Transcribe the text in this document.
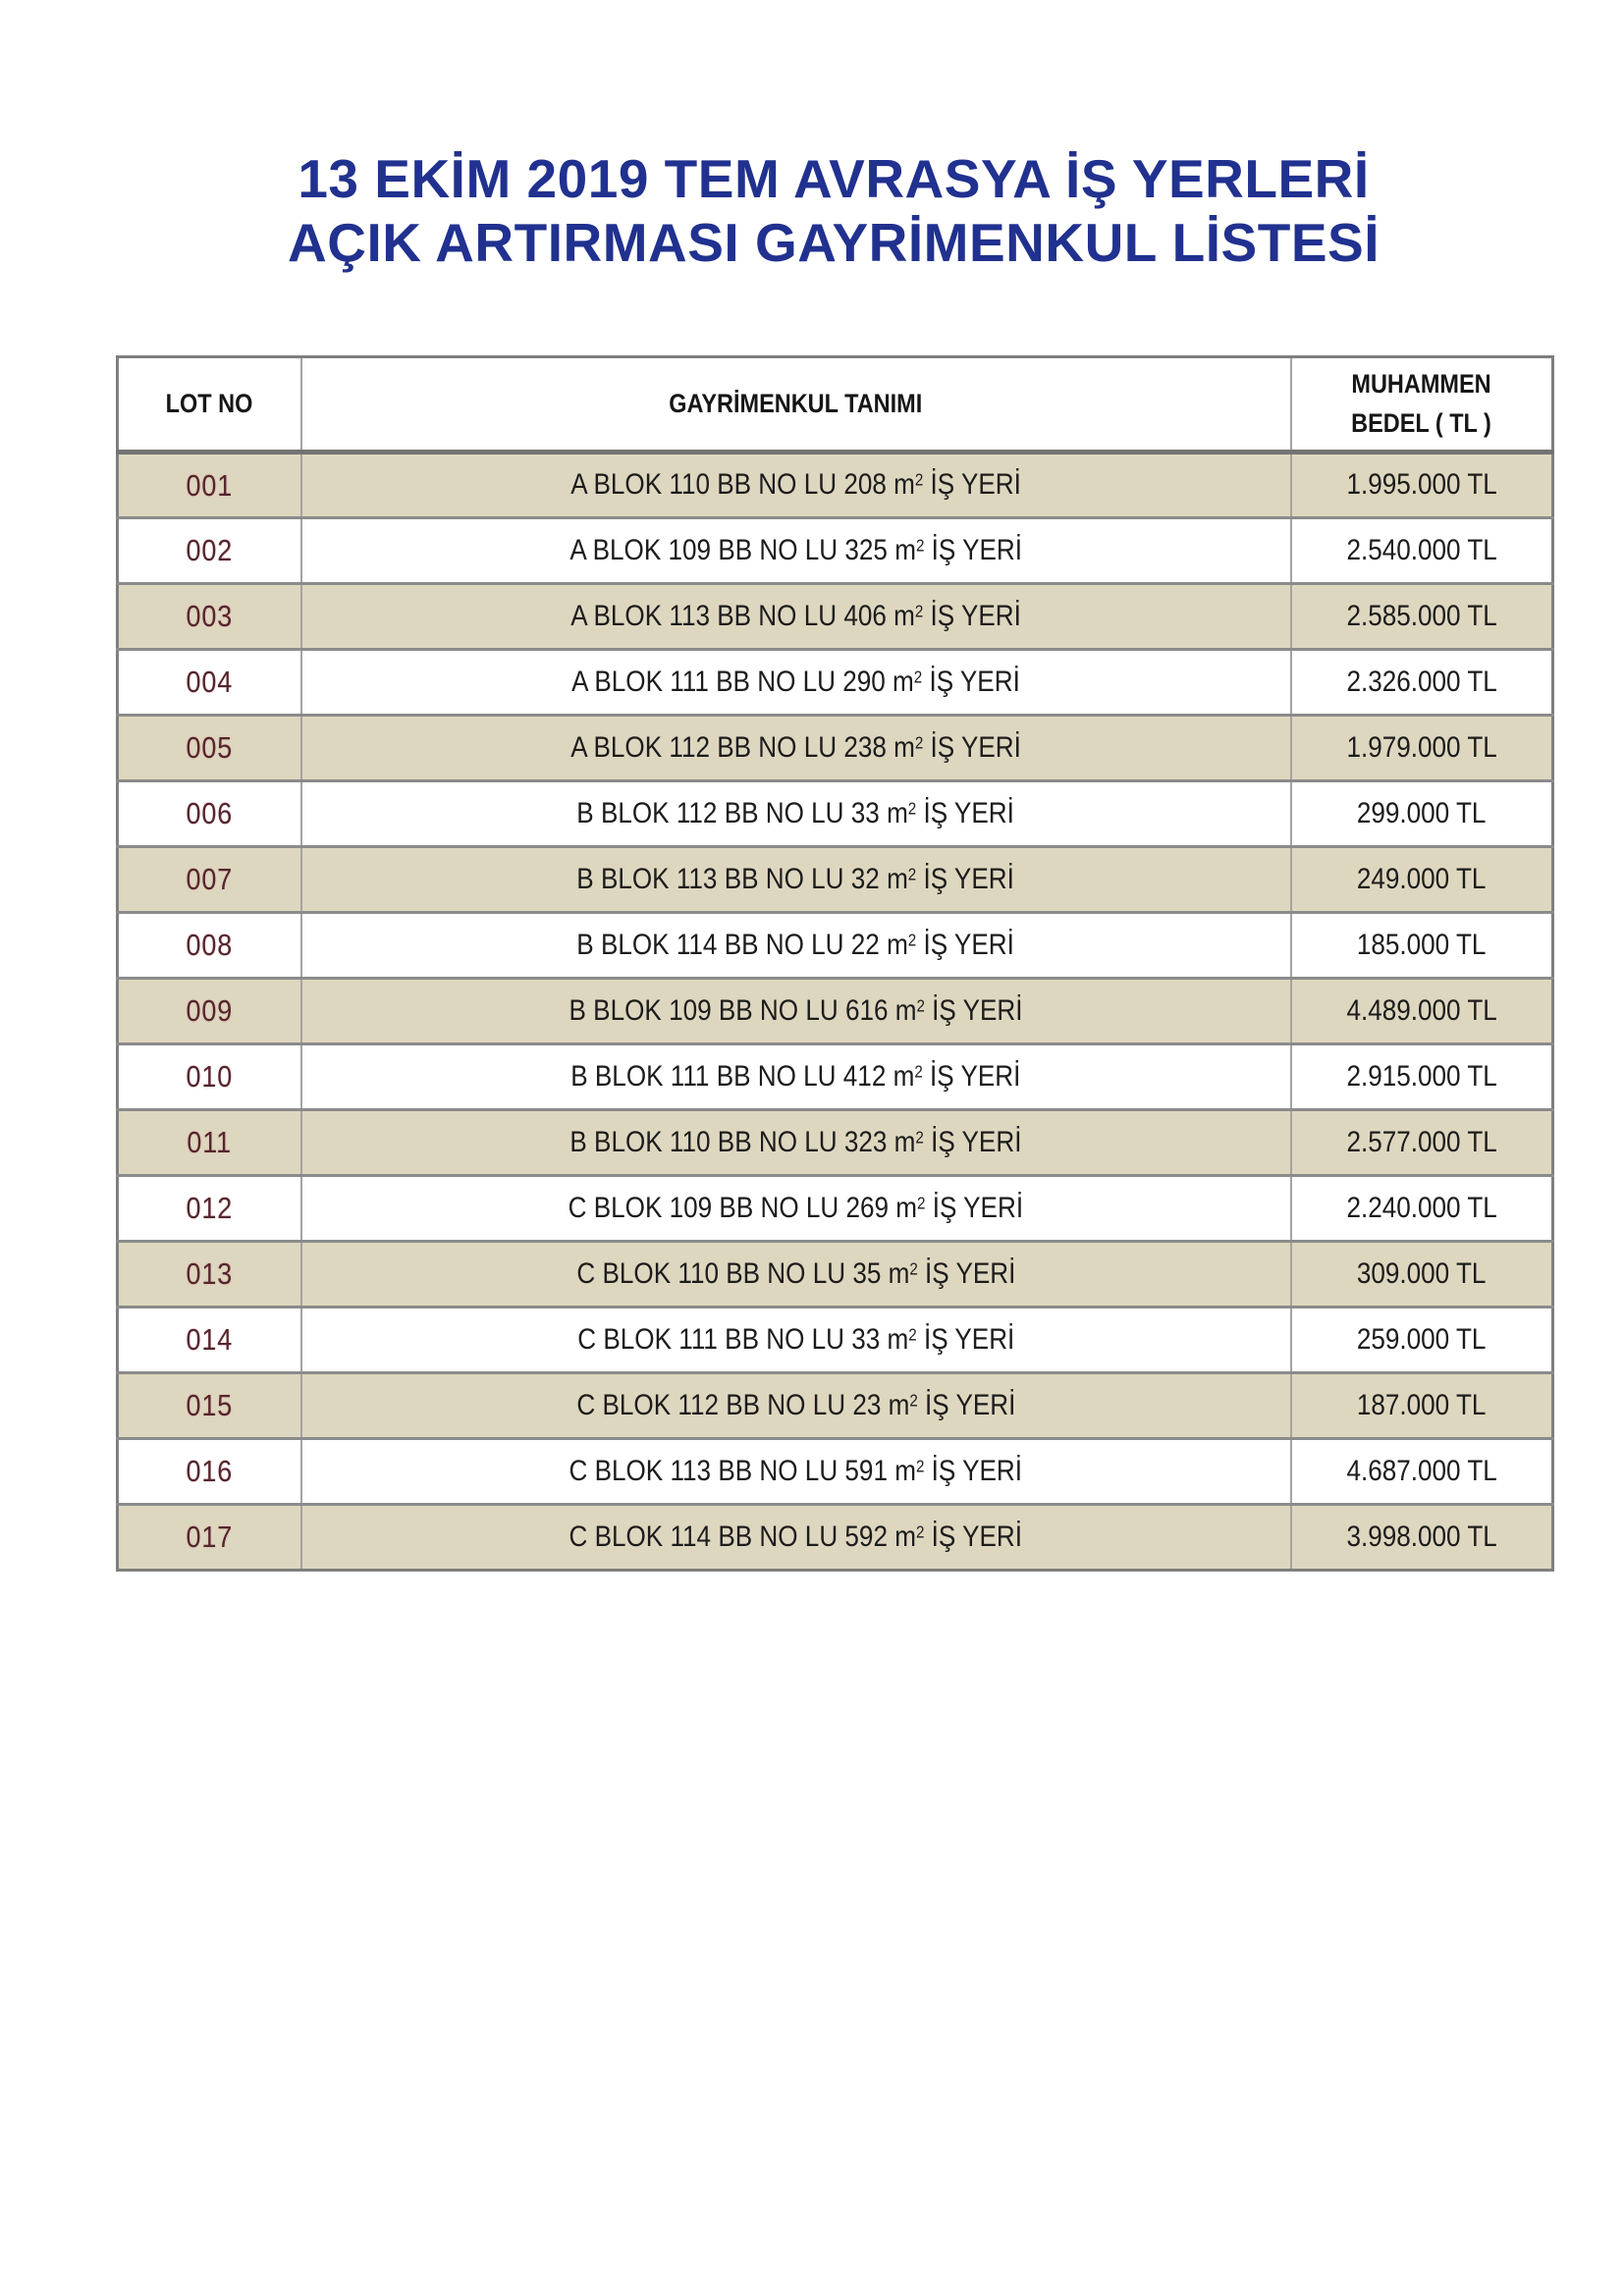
13 EKİM 2019 TEM AVRASYA İŞ YERLERİ
AÇIK ARTIRMASI GAYRİMENKUL LİSTESİ
LOT NO	GAYRİMENKUL TANIMI	MUHAMMEN BEDEL ( TL )
001	A BLOK 110 BB NO LU 208 $m^2$ İŞ YERİ	1.995.000 TL
002	A BLOK 109 BB NO LU 325 $m^2$ İŞ YERİ	2.540.000 TL
003	A BLOK 113 BB NO LU 406 $m^2$ İŞ YERİ	2.585.000 TL
004	A BLOK 111 BB NO LU 290 $m^2$ İŞ YERİ	2.326.000 TL
005	A BLOK 112 BB NO LU 238 $m^2$ İŞ YERİ	1.979.000 TL
006	B BLOK 112 BB NO LU 33 $m^2$ İŞ YERİ	299.000 TL
007	B BLOK 113 BB NO LU 32 $m^2$ İŞ YERİ	249.000 TL
008	B BLOK 114 BB NO LU 22 $m^2$ İŞ YERİ	185.000 TL
009	B BLOK 109 BB NO LU 616 $m^2$ İŞ YERİ	4.489.000 TL
010	B BLOK 111 BB NO LU 412 $m^2$ İŞ YERİ	2.915.000 TL
011	B BLOK 110 BB NO LU 323 $m^2$ İŞ YERİ	2.577.000 TL
012	C BLOK 109 BB NO LU 269 $m^2$ İŞ YERİ	2.240.000 TL
013	C BLOK 110 BB NO LU 35 $m^2$ İŞ YERİ	309.000 TL
014	C BLOK 111 BB NO LU 33 $m^2$ İŞ YERİ	259.000 TL
015	C BLOK 112 BB NO LU 23 $m^2$ İŞ YERİ	187.000 TL
016	C BLOK 113 BB NO LU 591 $m^2$ İŞ YERİ	4.687.000 TL
017	C BLOK 114 BB NO LU 592 $m^2$ İŞ YERİ	3.998.000 TL
